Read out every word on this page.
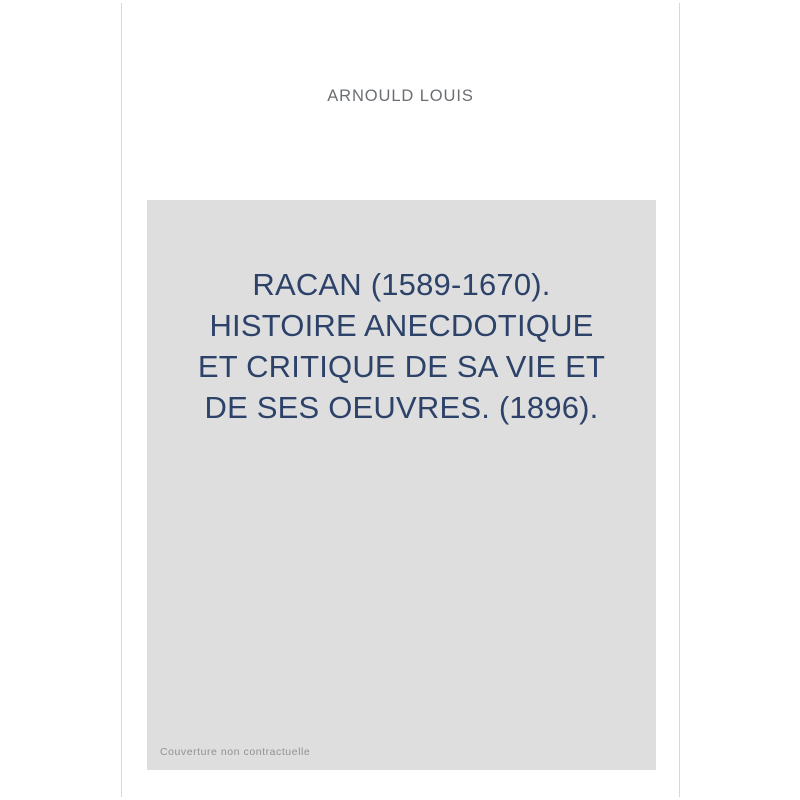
ARNOULD LOUIS
RACAN (1589-1670).
HISTOIRE ANECDOTIQUE
ET CRITIQUE DE SA VIE ET
DE SES OEUVRES. (1896).
Couverture non contractuelle
